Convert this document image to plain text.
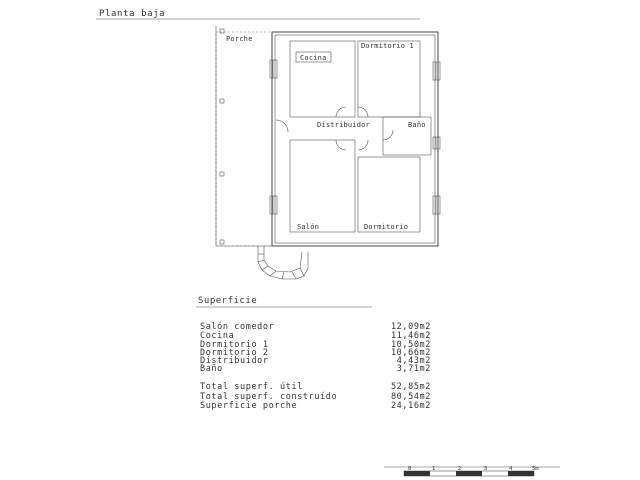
Planta baja
Porche
Cocina
Dormitorio 1
Distribuidor	Baño
Salón	Dormitorio
Superficie
Salón comedor	12,09m2
Cocina	11,46m2
Dormitorio 1	10,50m2
Dormitorio 2	10,66m2
Distribuidor	4,43m2
Baño	3,71m2
Total superf. útil	52,85m2
Total superf. construído	80,54m2
Superficie porche	24,16m2
0	1	2	3	4	5m
